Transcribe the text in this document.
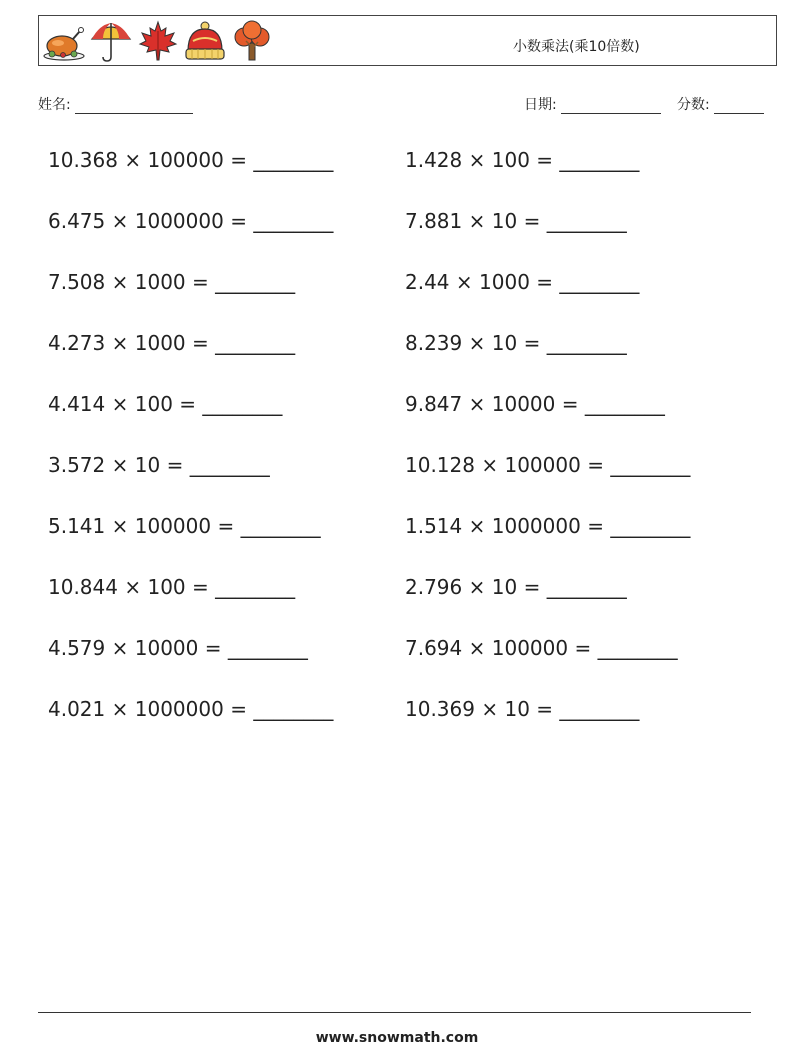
小数乘法(乘10倍数)
姓名:	日期:	分数:
10.368 × 100000 = ________	1.428 × 100 = ________
6.475 × 1000000 = ________	7.881 × 10 = ________
7.508 × 1000 = ________	2.44 × 1000 = ________
4.273 × 1000 = ________	8.239 × 10 = ________
4.414 × 100 = ________	9.847 × 10000 = ________
3.572 × 10 = ________	10.128 × 100000 = ________
5.141 × 100000 = ________	1.514 × 1000000 = ________
10.844 × 100 = ________	2.796 × 10 = ________
4.579 × 10000 = ________	7.694 × 100000 = ________
4.021 × 1000000 = ________	10.369 × 10 = ________
www.snowmath.com
